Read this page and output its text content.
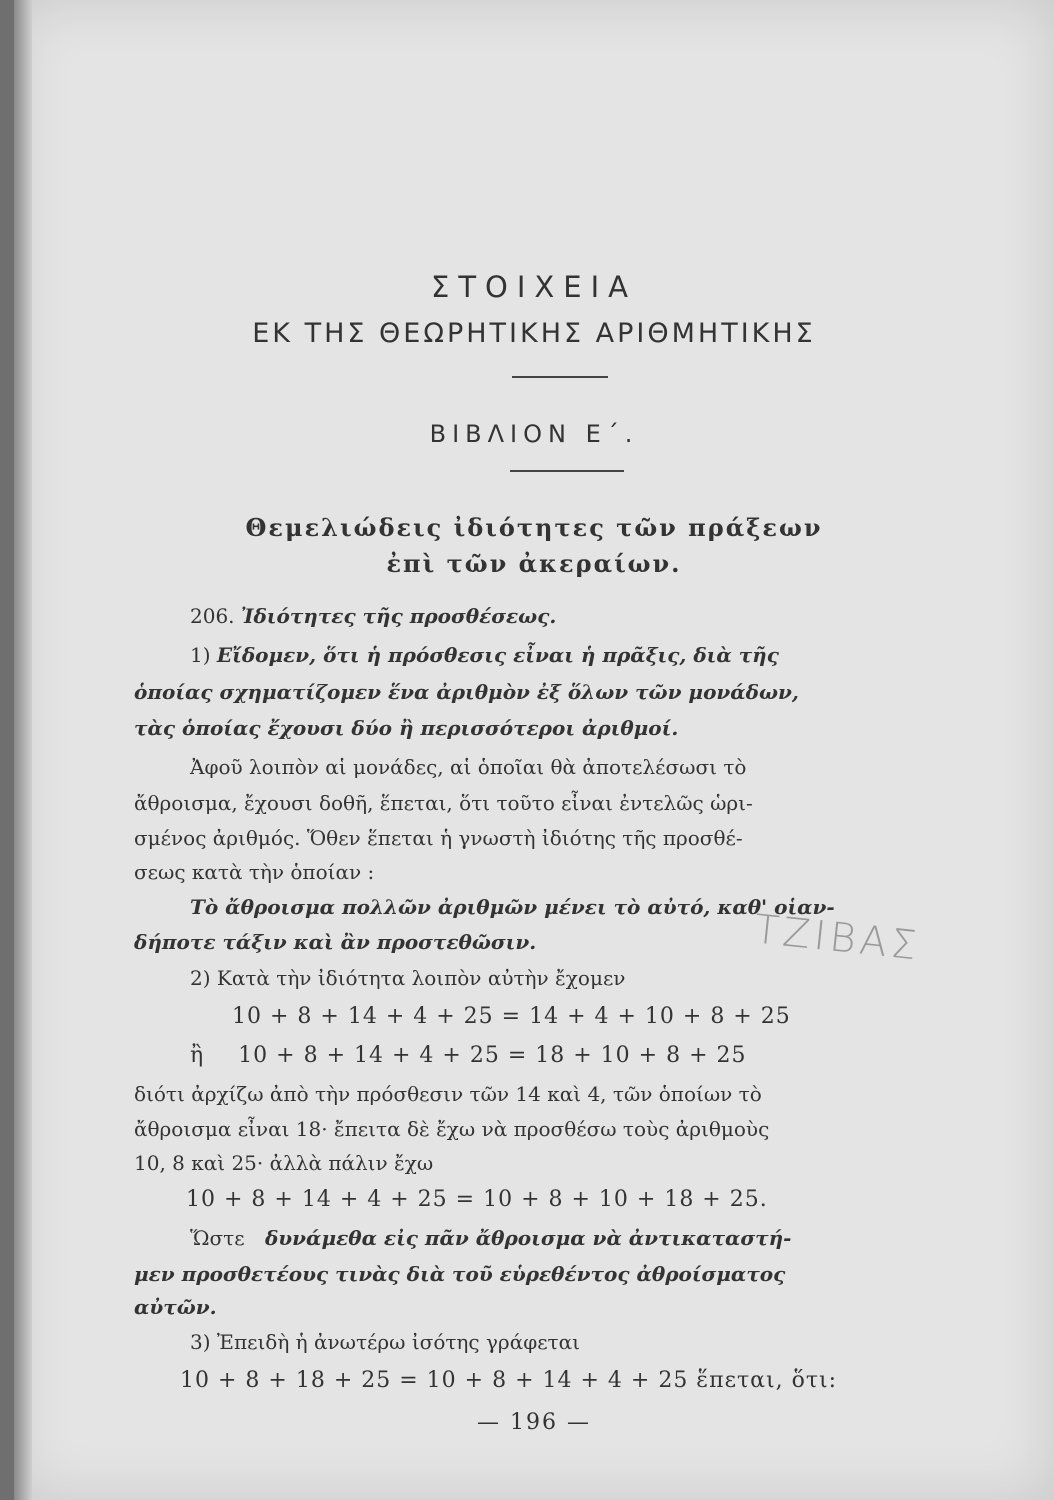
ΣΤΟΙΧΕΙΑ
ΕΚ ΤΗΣ ΘΕΩΡΗΤΙΚΗΣ ΑΡΙΘΜΗΤΙΚΗΣ
ΒΙΒΛΙΟΝ Ε΄.
Θεμελιώδεις ἰδιότητες τῶν πράξεων
ἐπὶ τῶν ἀκεραίων.
206. Ἰδιότητες τῆς προσθέσεως.
1) Εἴδομεν, ὅτι ἡ πρόσθεσις εἶναι ἡ πρᾶξις, διὰ τῆς
ὁποίας σχηματίζομεν ἕνα ἀριθμὸν ἐξ ὅλων τῶν μονάδων,
τὰς ὁποίας ἔχουσι δύο ἢ περισσότεροι ἀριθμοί.
Ἀφοῦ λοιπὸν αἱ μονάδες, αἱ ὁποῖαι θὰ ἀποτελέσωσι τὸ
ἄθροισμα, ἔχουσι δοθῆ, ἕπεται, ὅτι τοῦτο εἶναι ἐντελῶς ὡρι-
σμένος ἀριθμός. Ὅθεν ἕπεται ἡ γνωστὴ ἰδιότης τῆς προσθέ-
σεως κατὰ τὴν ὁποίαν :
Τὸ ἄθροισμα πολλῶν ἀριθμῶν μένει τὸ αὐτό, καθ' οἱαν-
δήποτε τάξιν καὶ ἂν προστεθῶσιν.	ΤΖΙΒΑΣ
2) Κατὰ τὴν ἰδιότητα λοιπὸν αὐτὴν ἔχομεν
10 + 8 + 14 + 4 + 25 = 14 + 4 + 10 + 8 + 25
ἢ 10 + 8 + 14 + 4 + 25 = 18 + 10 + 8 + 25
διότι ἀρχίζω ἀπὸ τὴν πρόσθεσιν τῶν 14 καὶ 4, τῶν ὁποίων τὸ
ἄθροισμα εἶναι 18· ἔπειτα δὲ ἔχω νὰ προσθέσω τοὺς ἀριθμοὺς
10, 8 καὶ 25· ἀλλὰ πάλιν ἔχω
10 + 8 + 14 + 4 + 25 = 10 + 8 + 10 + 18 + 25.
Ὥστε δυνάμεθα εἰς πᾶν ἄθροισμα νὰ ἀντικαταστή-
μεν προσθετέους τινὰς διὰ τοῦ εὑρεθέντος ἀθροίσματος
αὐτῶν.
3) Ἐπειδὴ ἡ ἀνωτέρω ἰσότης γράφεται
10 + 8 + 18 + 25 = 10 + 8 + 14 + 4 + 25 ἕπεται, ὅτι:
— 196 —
